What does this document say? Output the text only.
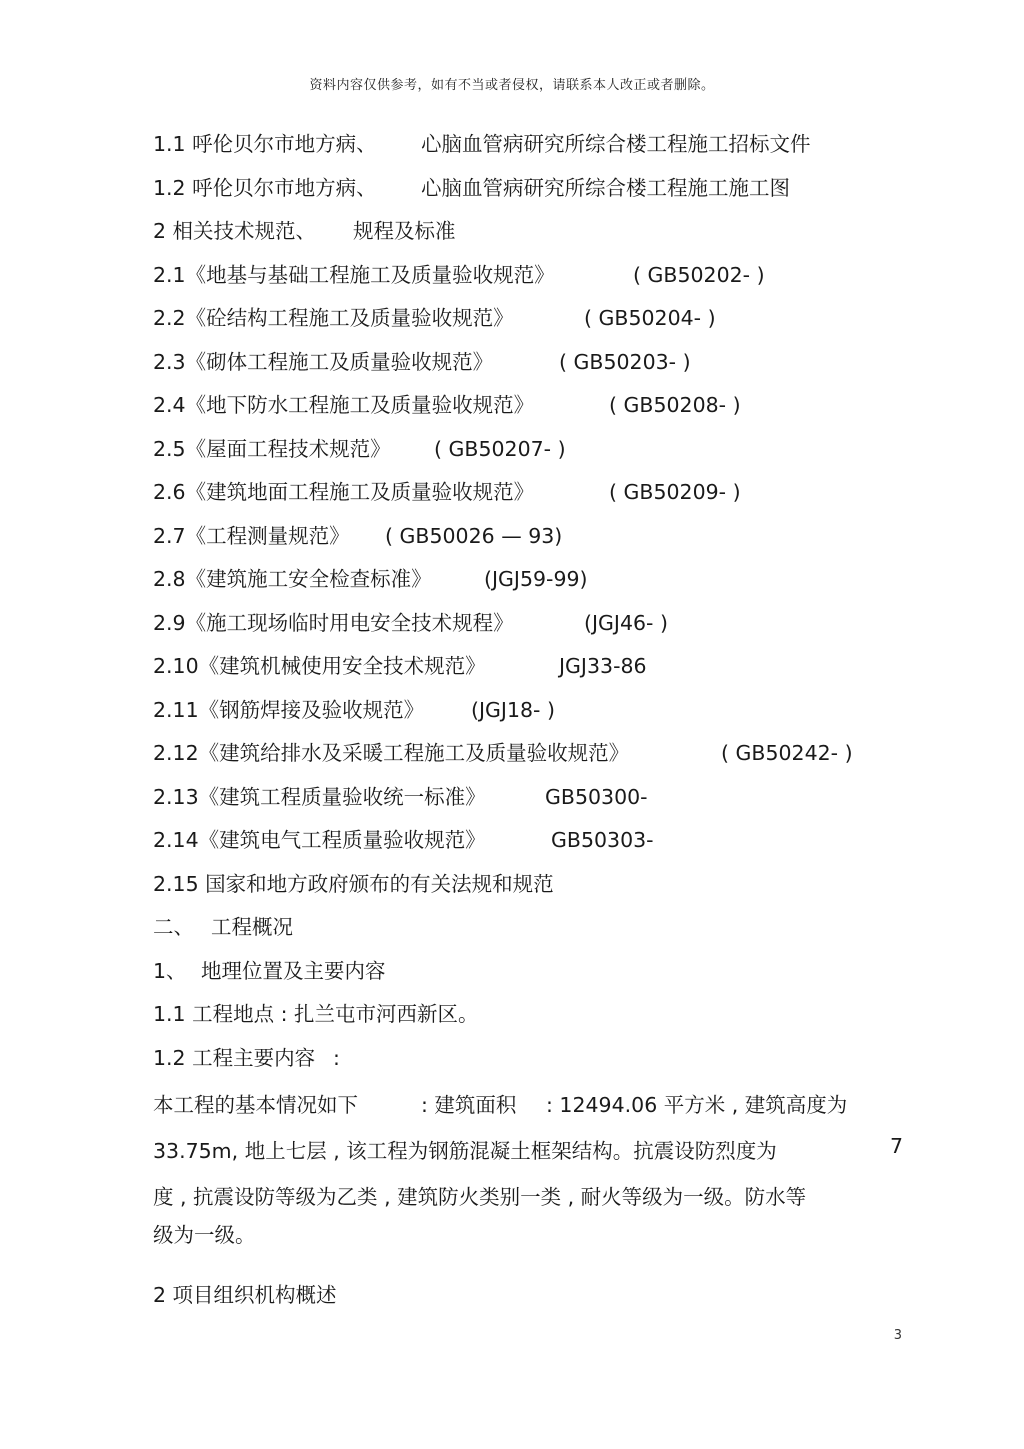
资料内容仅供参考，如有不当或者侵权，请联系本人改正或者删除。
1.1 呼伦贝尔市地方病、 心脑血管病研究所综合楼工程施工招标文件
1.2 呼伦贝尔市地方病、 心脑血管病研究所综合楼工程施工施工图
2 相关技术规范、 规程及标准
2.1《地基与基础工程施工及质量验收规范》	( GB50202- )
2.2《砼结构工程施工及质量验收规范》	( GB50204- )
2.3《砌体工程施工及质量验收规范》	( GB50203- )
2.4《地下防水工程施工及质量验收规范》	( GB50208- )
2.5《屋面工程技术规范》 ( GB50207- )
2.6《建筑地面工程施工及质量验收规范》	( GB50209- )
2.7《工程测量规范》 ( GB50026 — 93)
2.8《建筑施工安全检查标准》	(JGJ59-99)
2.9《施工现场临时用电安全技术规程》	(JGJ46- )
2.10《建筑机械使用安全技术规范》	JGJ33-86
2.11《钢筋焊接及验收规范》 (JGJ18- )
2.12《建筑给排水及采暖工程施工及质量验收规范》	( GB50242- )
2.13《建筑工程质量验收统一标准》	GB50300-
2.14《建筑电气工程质量验收规范》	GB50303-
2.15 国家和地方政府颁布的有关法规和规范
二、 工程概况
1、 地理位置及主要内容
1.1 工程地点 : 扎兰屯市河西新区。
1.2 工程主要内容 :
本工程的基本情况如下	: 建筑面积 : 12494.06 平方米 , 建筑高度为
33.75m, 地上七层 , 该工程为钢筋混凝土框架结构。抗震设防烈度为	7
度 , 抗震设防等级为乙类 , 建筑防火类别一类 , 耐火等级为一级。防水等
级为一级。
2 项目组织机构概述
3
